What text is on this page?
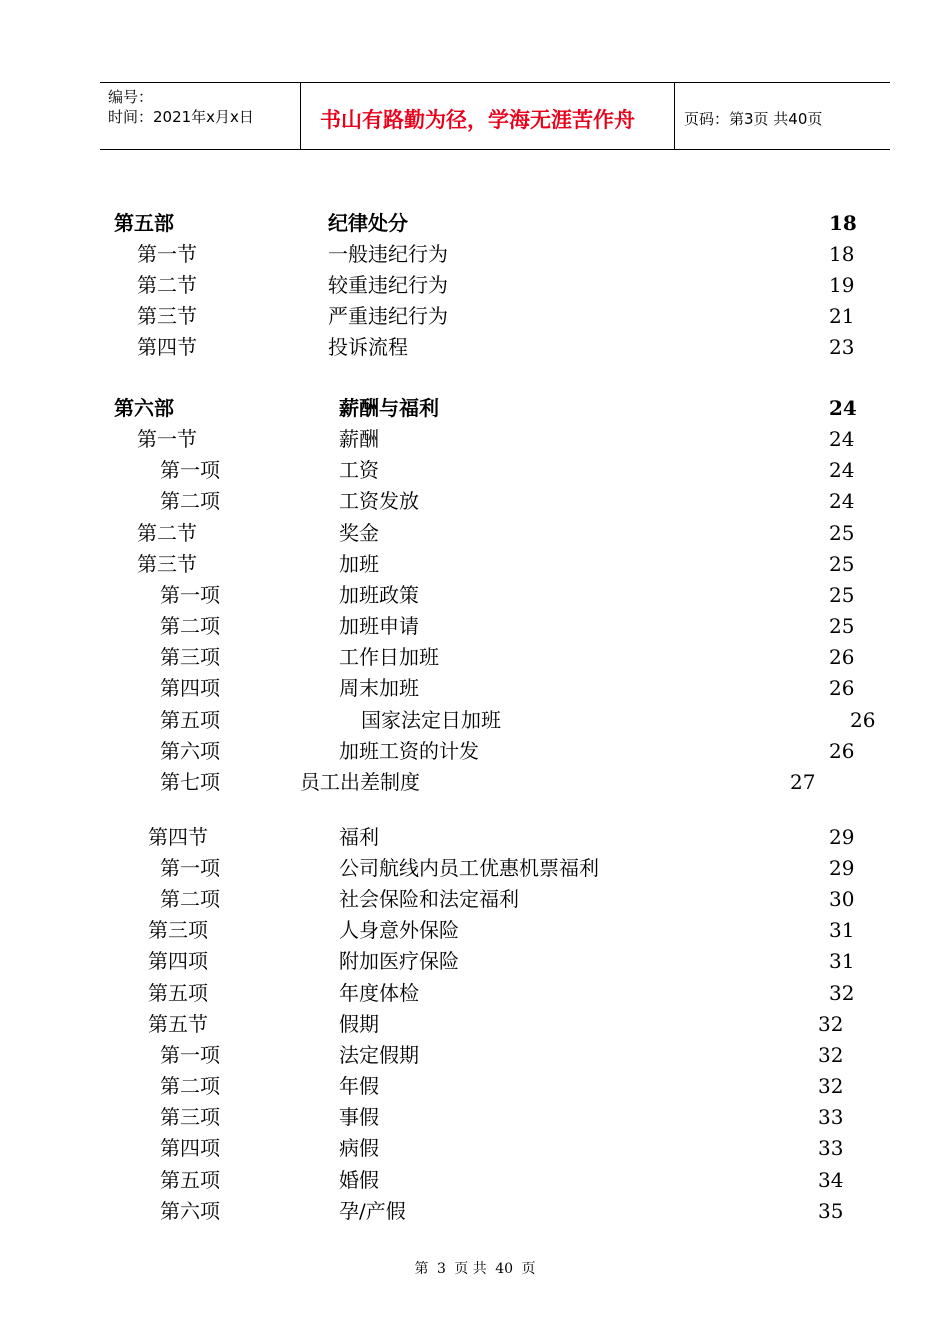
编号：
时间：2021年x月x日	书山有路勤为径，学海无涯苦作舟	页码：第3页 共40页
第五部	纪律处分	18
第一节	一般违纪行为	18
第二节	较重违纪行为	19
第三节	严重违纪行为	21
第四节	投诉流程	23
第六部	薪酬与福利	24
第一节	薪酬	24
第一项	工资	24
第二项	工资发放	24
第二节	奖金	25
第三节	加班	25
第一项	加班政策	25
第二项	加班申请	25
第三项	工作日加班	26
第四项	周末加班	26
第五项	国家法定日加班	26
第六项	加班工资的计发	26
第七项	员工出差制度	27
第四节	福利	29
第一项	公司航线内员工优惠机票福利	29
第二项	社会保险和法定福利	30
第三项	人身意外保险	31
第四项	附加医疗保险	31
第五项	年度体检	32
第五节	假期	32
第一项	法定假期	32
第二项	年假	32
第三项	事假	33
第四项	病假	33
第五项	婚假	34
第六项	孕/产假	35
第 3 页 共 40 页
